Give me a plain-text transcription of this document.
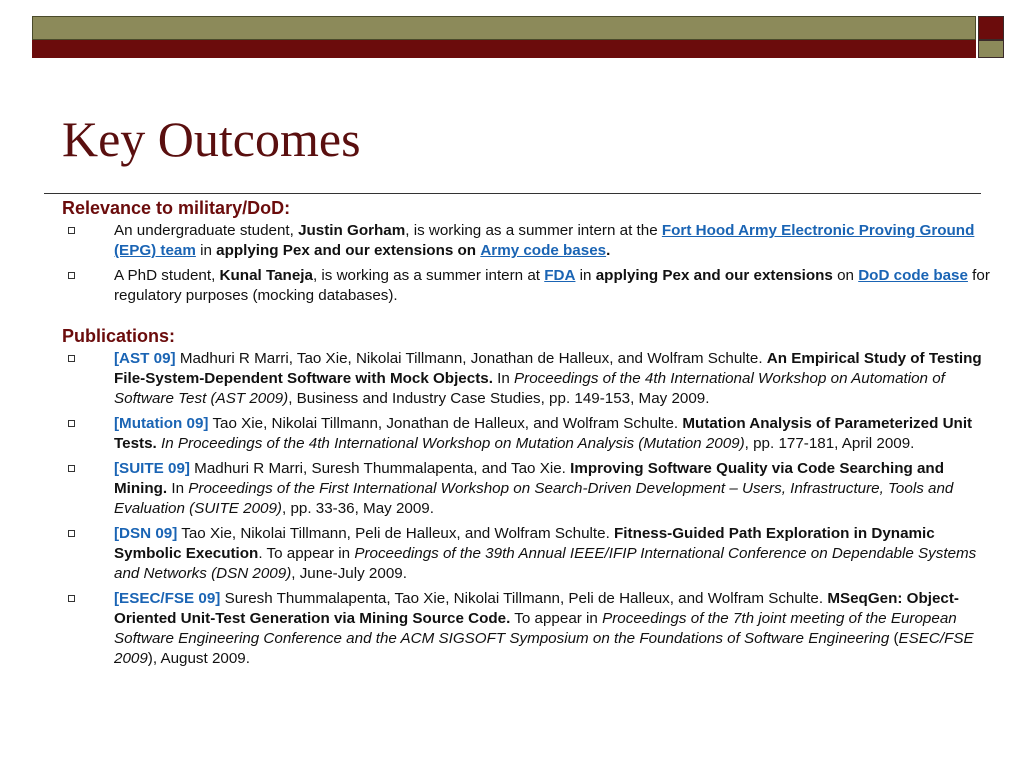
Key Outcomes

Relevance to military/DoD:

An undergraduate student, Justin Gorham, is working as a summer intern at the Fort Hood Army Electronic Proving Ground (EPG) team in applying Pex and our extensions on Army code bases.
A PhD student, Kunal Taneja, is working as a summer intern at FDA in applying Pex and our extensions on DoD code base for regulatory purposes (mocking databases).

Publications:

[AST 09] Madhuri R Marri, Tao Xie, Nikolai Tillmann, Jonathan de Halleux, and Wolfram Schulte. An Empirical Study of Testing File-System-Dependent Software with Mock Objects. In Proceedings of the 4th International Workshop on Automation of Software Test (AST 2009), Business and Industry Case Studies, pp. 149-153, May 2009.
[Mutation 09] Tao Xie, Nikolai Tillmann, Jonathan de Halleux, and Wolfram Schulte. Mutation Analysis of Parameterized Unit Tests. In Proceedings of the 4th International Workshop on Mutation Analysis (Mutation 2009), pp. 177-181, April 2009.
[SUITE 09] Madhuri R Marri, Suresh Thummalapenta, and Tao Xie. Improving Software Quality via Code Searching and Mining. In Proceedings of the First International Workshop on Search-Driven Development – Users, Infrastructure, Tools and Evaluation (SUITE 2009), pp. 33-36, May 2009.
[DSN 09] Tao Xie, Nikolai Tillmann, Peli de Halleux, and Wolfram Schulte. Fitness-Guided Path Exploration in Dynamic Symbolic Execution. To appear in Proceedings of the 39th Annual IEEE/IFIP International Conference on Dependable Systems and Networks (DSN 2009), June-July 2009.
[ESEC/FSE 09] Suresh Thummalapenta, Tao Xie, Nikolai Tillmann, Peli de Halleux, and Wolfram Schulte. MSeqGen: Object-Oriented Unit-Test Generation via Mining Source Code. To appear in Proceedings of the 7th joint meeting of the European Software Engineering Conference and the ACM SIGSOFT Symposium on the Foundations of Software Engineering (ESEC/FSE 2009), August 2009.
